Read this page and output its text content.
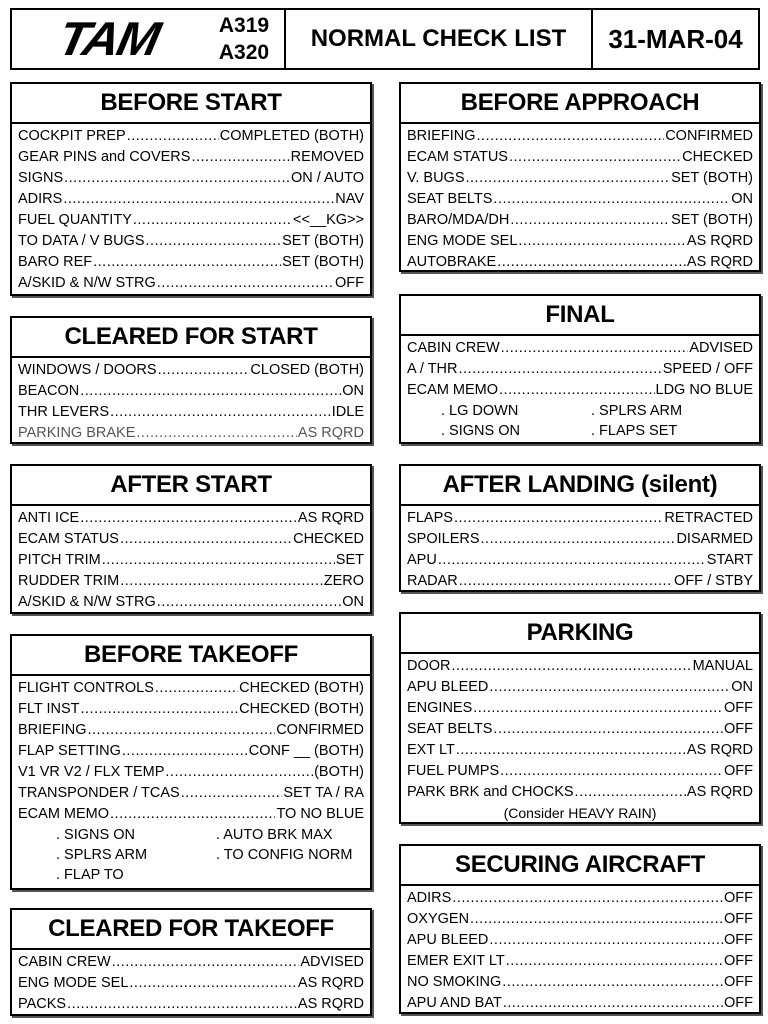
TAM	A319
A320
NORMAL CHECK LIST	31-MAR-04
BEFORE START
COCKPIT PREP .....	COMPLETED (BOTH)
GEAR PINS and COVERS .....	REMOVED
SIGNS .....	ON / AUTO
ADIRS .....	NAV
FUEL QUANTITY .....	<<__KG>>
TO DATA / V BUGS .....	SET (BOTH)
BARO REF .....	SET (BOTH)
A/SKID & N/W STRG .....	OFF
CLEARED FOR START
WINDOWS / DOORS .....	CLOSED (BOTH)
BEACON .....	ON
THR LEVERS .....	IDLE
PARKING BRAKE .....	AS RQRD
AFTER START
ANTI ICE .....	AS RQRD
ECAM STATUS .....	CHECKED
PITCH TRIM .....	SET
RUDDER TRIM .....	ZERO
A/SKID & N/W STRG .....	ON
BEFORE TAKEOFF
FLIGHT CONTROLS .....	CHECKED (BOTH)
FLT INST .....	CHECKED (BOTH)
BRIEFING .....	CONFIRMED
FLAP SETTING .....	CONF __ (BOTH)
V1 VR V2 / FLX TEMP .....	(BOTH)
TRANSPONDER / TCAS .....	SET TA / RA
ECAM MEMO .....	TO NO BLUE
. SIGNS ON	. AUTO BRK MAX
. SPLRS ARM	. TO CONFIG NORM
. FLAP TO
CLEARED FOR TAKEOFF
CABIN CREW .....	ADVISED
ENG MODE SEL .....	AS RQRD
PACKS .....	AS RQRD
BEFORE APPROACH
BRIEFING .....	CONFIRMED
ECAM STATUS .....	CHECKED
V. BUGS .....	SET (BOTH)
SEAT BELTS .....	ON
BARO/MDA/DH .....	SET (BOTH)
ENG MODE SEL .....	AS RQRD
AUTOBRAKE .....	AS RQRD
FINAL
CABIN CREW .....	ADVISED
A / THR .....	SPEED / OFF
ECAM MEMO .....	LDG NO BLUE
. LG DOWN	. SPLRS ARM
. SIGNS ON	. FLAPS SET
AFTER LANDING (silent)
FLAPS .....	RETRACTED
SPOILERS .....	DISARMED
APU .....	START
RADAR .....	OFF / STBY
PARKING
DOOR .....	MANUAL
APU BLEED .....	ON
ENGINES .....	OFF
SEAT BELTS .....	OFF
EXT LT .....	AS RQRD
FUEL PUMPS .....	OFF
PARK BRK and CHOCKS .....	AS RQRD
(Consider HEAVY RAIN)
SECURING AIRCRAFT
ADIRS .....	OFF
OXYGEN .....	OFF
APU BLEED .....	OFF
EMER EXIT LT .....	OFF
NO SMOKING .....	OFF
APU AND BAT .....	OFF
